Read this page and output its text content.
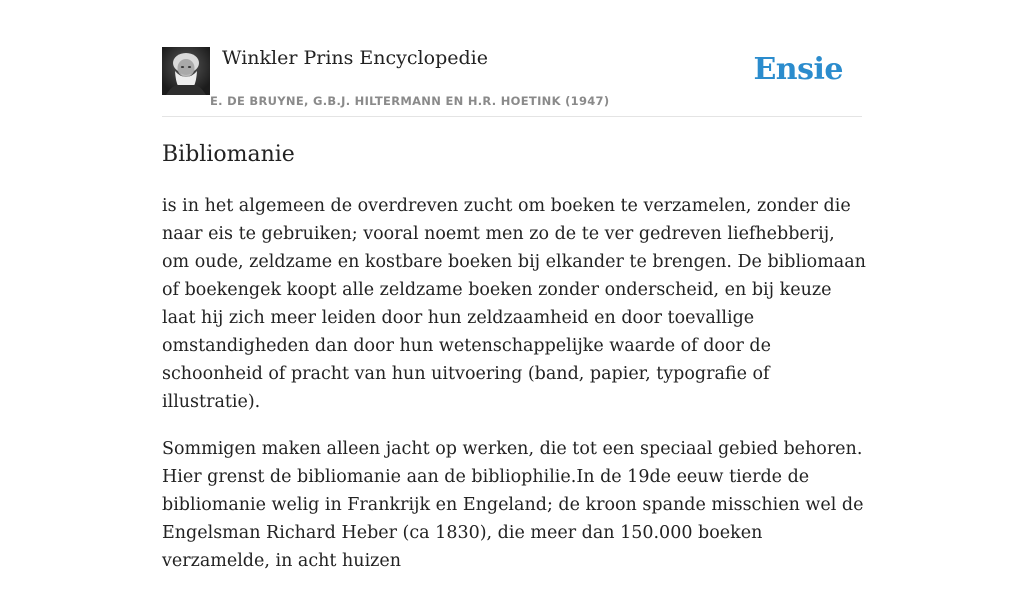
Winkler Prins Encyclopedie
E. DE BRUYNE, G.B.J. HILTERMANN EN H.R. HOETINK (1947)
Ensie
Bibliomanie

is in het algemeen de overdreven zucht om boeken te verzamelen, zonder die naar eis te gebruiken; vooral noemt men zo de te ver gedreven liefhebberij, om oude, zeldzame en kostbare boeken bij elkander te brengen. De bibliomaan of boekengek koopt alle zeldzame boeken zonder onderscheid, en bij keuze laat hij zich meer leiden door hun zeldzaamheid en door toevallige omstandigheden dan door hun wetenschappelijke waarde of door de schoonheid of pracht van hun uitvoering (band, papier, typografie of illustratie).

Sommigen maken alleen jacht op werken, die tot een speciaal gebied behoren. Hier grenst de bibliomanie aan de bibliophilie.In de 19de eeuw tierde de bibliomanie welig in Frankrijk en Engeland; de kroon spande misschien wel de Engelsman Richard Heber (ca 1830), die meer dan 150.000 boeken verzamelde, in acht huizen
